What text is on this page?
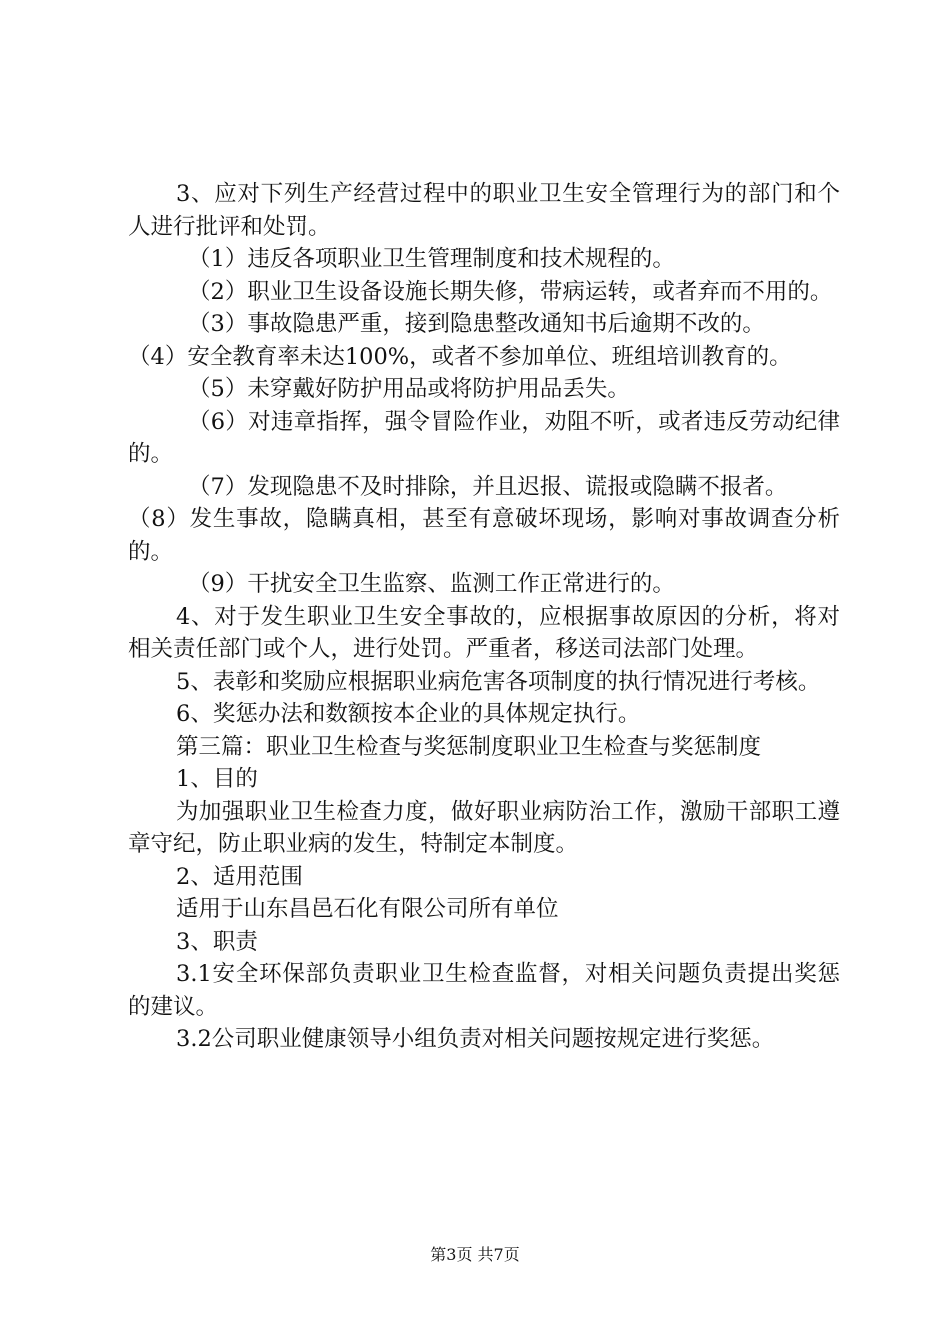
3、应对下列生产经营过程中的职业卫生安全管理行为的部门和个人进行批评和处罚。

（1）违反各项职业卫生管理制度和技术规程的。

（2）职业卫生设备设施长期失修，带病运转，或者弃而不用的。

（3）事故隐患严重，接到隐患整改通知书后逾期不改的。

（4）安全教育率未达100%，或者不参加单位、班组培训教育的。

（5）未穿戴好防护用品或将防护用品丢失。

（6）对违章指挥，强令冒险作业，劝阻不听，或者违反劳动纪律的。

（7）发现隐患不及时排除，并且迟报、谎报或隐瞒不报者。

（8）发生事故，隐瞒真相，甚至有意破坏现场，影响对事故调查分析的。

（9）干扰安全卫生监察、监测工作正常进行的。

4、对于发生职业卫生安全事故的，应根据事故原因的分析，将对相关责任部门或个人，进行处罚。严重者，移送司法部门处理。

5、表彰和奖励应根据职业病危害各项制度的执行情况进行考核。

6、奖惩办法和数额按本企业的具体规定执行。

第三篇：职业卫生检查与奖惩制度职业卫生检查与奖惩制度

1、目的

为加强职业卫生检查力度，做好职业病防治工作，激励干部职工遵章守纪，防止职业病的发生，特制定本制度。

2、适用范围

适用于山东昌邑石化有限公司所有单位

3、职责

3.1安全环保部负责职业卫生检查监督，对相关问题负责提出奖惩的建议。

3.2公司职业健康领导小组负责对相关问题按规定进行奖惩。

第3页 共7页
